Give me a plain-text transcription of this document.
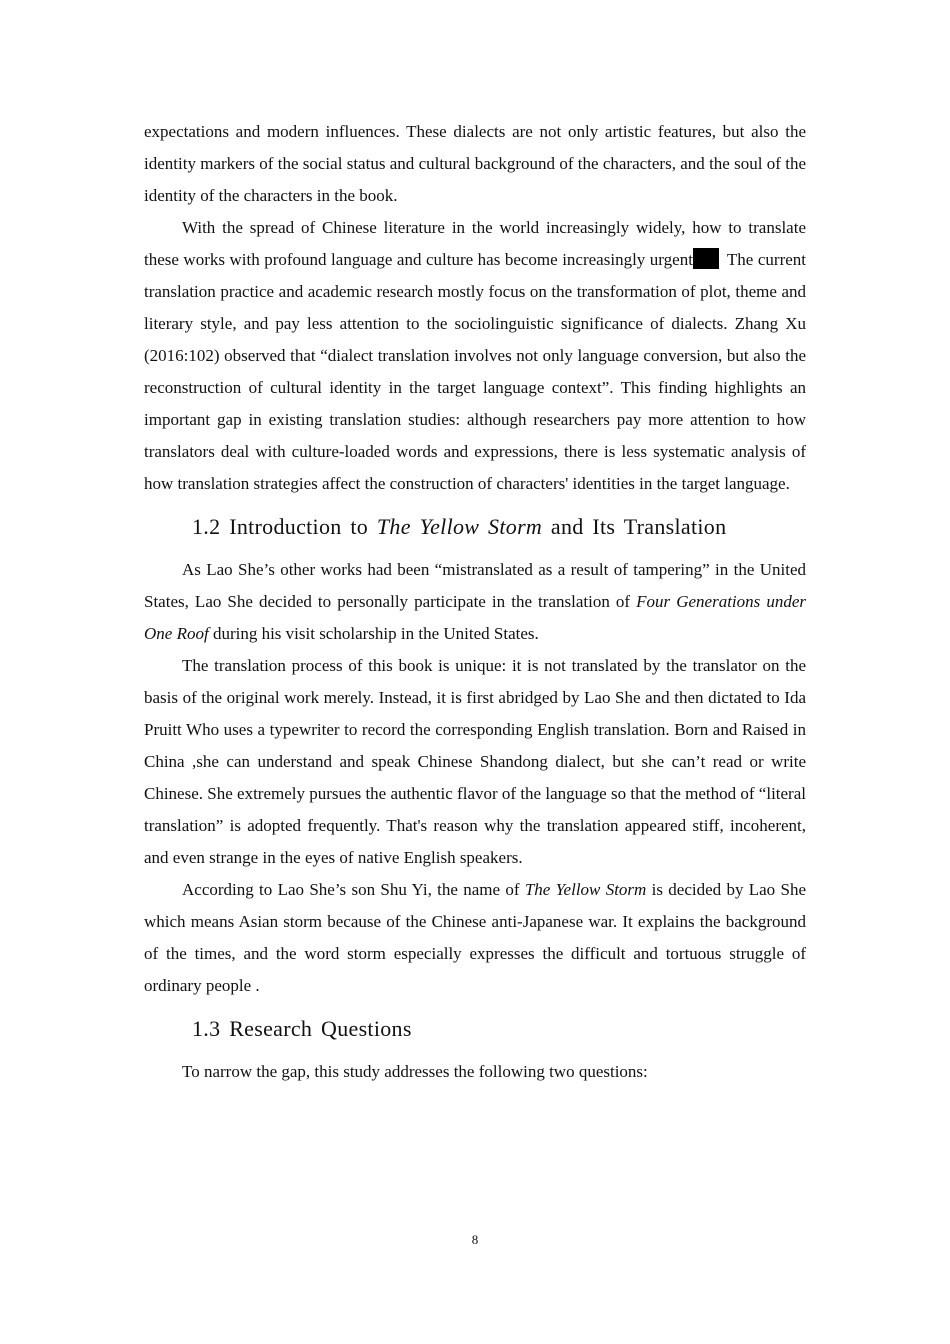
expectations and modern influences. These dialects are not only artistic features, but also the identity markers of the social status and cultural background of the characters, and the soul of the identity of the characters in the book.

With the spread of Chinese literature in the world increasingly widely, how to translate these works with profound language and culture has become increasingly urgent The current translation practice and academic research mostly focus on the transformation of plot, theme and literary style, and pay less attention to the sociolinguistic significance of dialects. Zhang Xu (2016:102) observed that “dialect translation involves not only language conversion, but also the reconstruction of cultural identity in the target language context”. This finding highlights an important gap in existing translation studies: although researchers pay more attention to how translators deal with culture-loaded words and expressions, there is less systematic analysis of how translation strategies affect the construction of characters' identities in the target language.

1.2 Introduction to The Yellow Storm and Its Translation

As Lao She’s other works had been “mistranslated as a result of tampering” in the United States, Lao She decided to personally participate in the translation of Four Generations under One Roof during his visit scholarship in the United States.

The translation process of this book is unique: it is not translated by the translator on the basis of the original work merely. Instead, it is first abridged by Lao She and then dictated to Ida Pruitt Who uses a typewriter to record the corresponding English translation. Born and Raised in China ,she can understand and speak Chinese Shandong dialect, but she can’t read or write Chinese. She extremely pursues the authentic flavor of the language so that the method of “literal translation” is adopted frequently. That's reason why the translation appeared stiff, incoherent, and even strange in the eyes of native English speakers.

According to Lao She’s son Shu Yi, the name of The Yellow Storm is decided by Lao She which means Asian storm because of the Chinese anti-Japanese war. It explains the background of the times, and the word storm especially expresses the difficult and tortuous struggle of ordinary people .

1.3 Research Questions

To narrow the gap, this study addresses the following two questions:

8
